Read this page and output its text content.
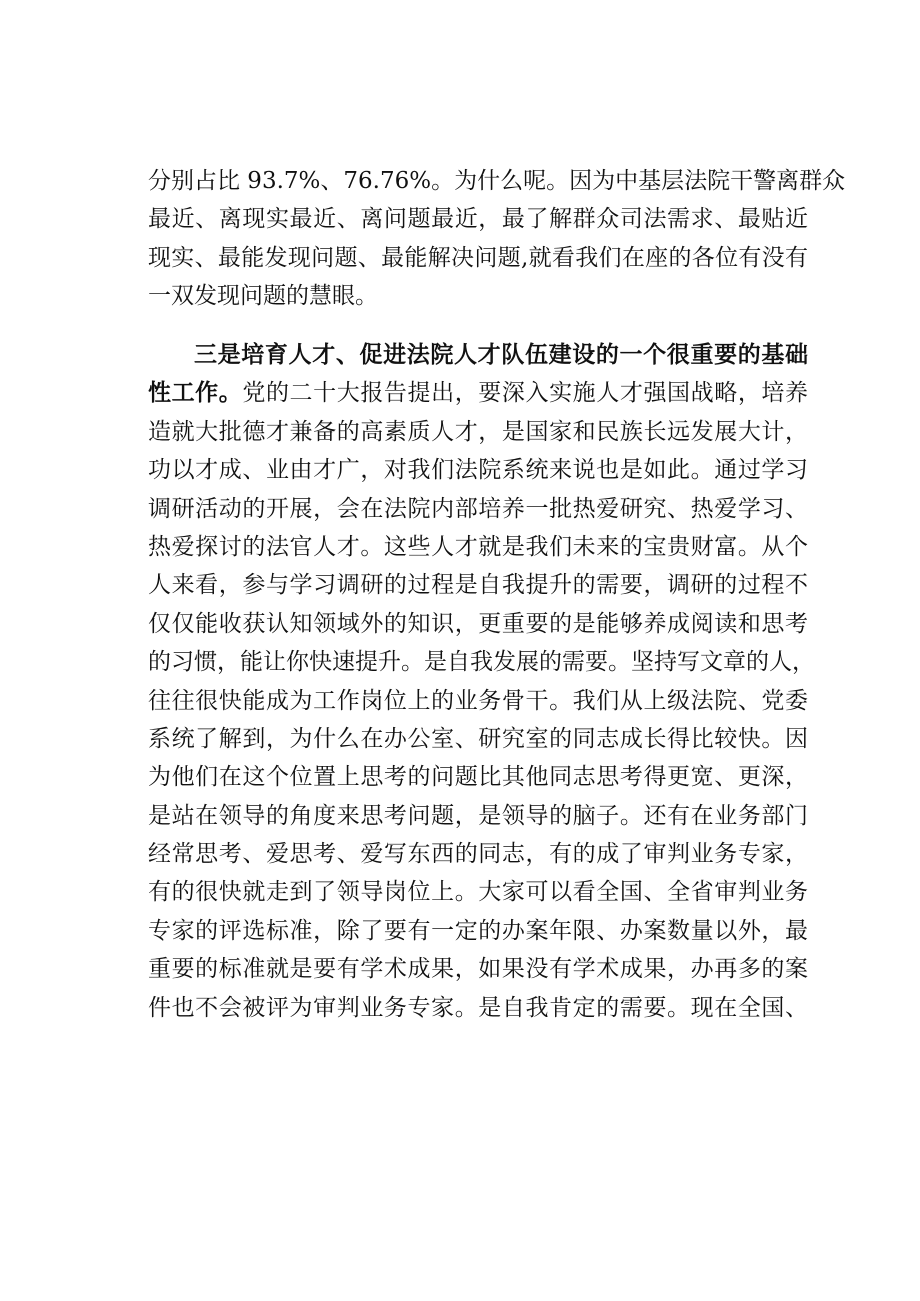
分别占比 93.7%、76.76%。为什么呢。因为中基层法院干警离群众
最近、离现实最近、离问题最近，最了解群众司法需求、最贴近
现实、最能发现问题、最能解决问题,就看我们在座的各位有没有
一双发现问题的慧眼。
三是培育人才、促进法院人才队伍建设的一个很重要的基础
性工作。党的二十大报告提出，要深入实施人才强国战略，培养
造就大批德才兼备的高素质人才，是国家和民族长远发展大计，
功以才成、业由才广，对我们法院系统来说也是如此。通过学习
调研活动的开展，会在法院内部培养一批热爱研究、热爱学习、
热爱探讨的法官人才。这些人才就是我们未来的宝贵财富。从个
人来看，参与学习调研的过程是自我提升的需要，调研的过程不
仅仅能收获认知领域外的知识，更重要的是能够养成阅读和思考
的习惯，能让你快速提升。是自我发展的需要。坚持写文章的人，
往往很快能成为工作岗位上的业务骨干。我们从上级法院、党委
系统了解到，为什么在办公室、研究室的同志成长得比较快。因
为他们在这个位置上思考的问题比其他同志思考得更宽、更深，
是站在领导的角度来思考问题，是领导的脑子。还有在业务部门
经常思考、爱思考、爱写东西的同志，有的成了审判业务专家，
有的很快就走到了领导岗位上。大家可以看全国、全省审判业务
专家的评选标准，除了要有一定的办案年限、办案数量以外，最
重要的标准就是要有学术成果，如果没有学术成果，办再多的案
件也不会被评为审判业务专家。是自我肯定的需要。现在全国、
